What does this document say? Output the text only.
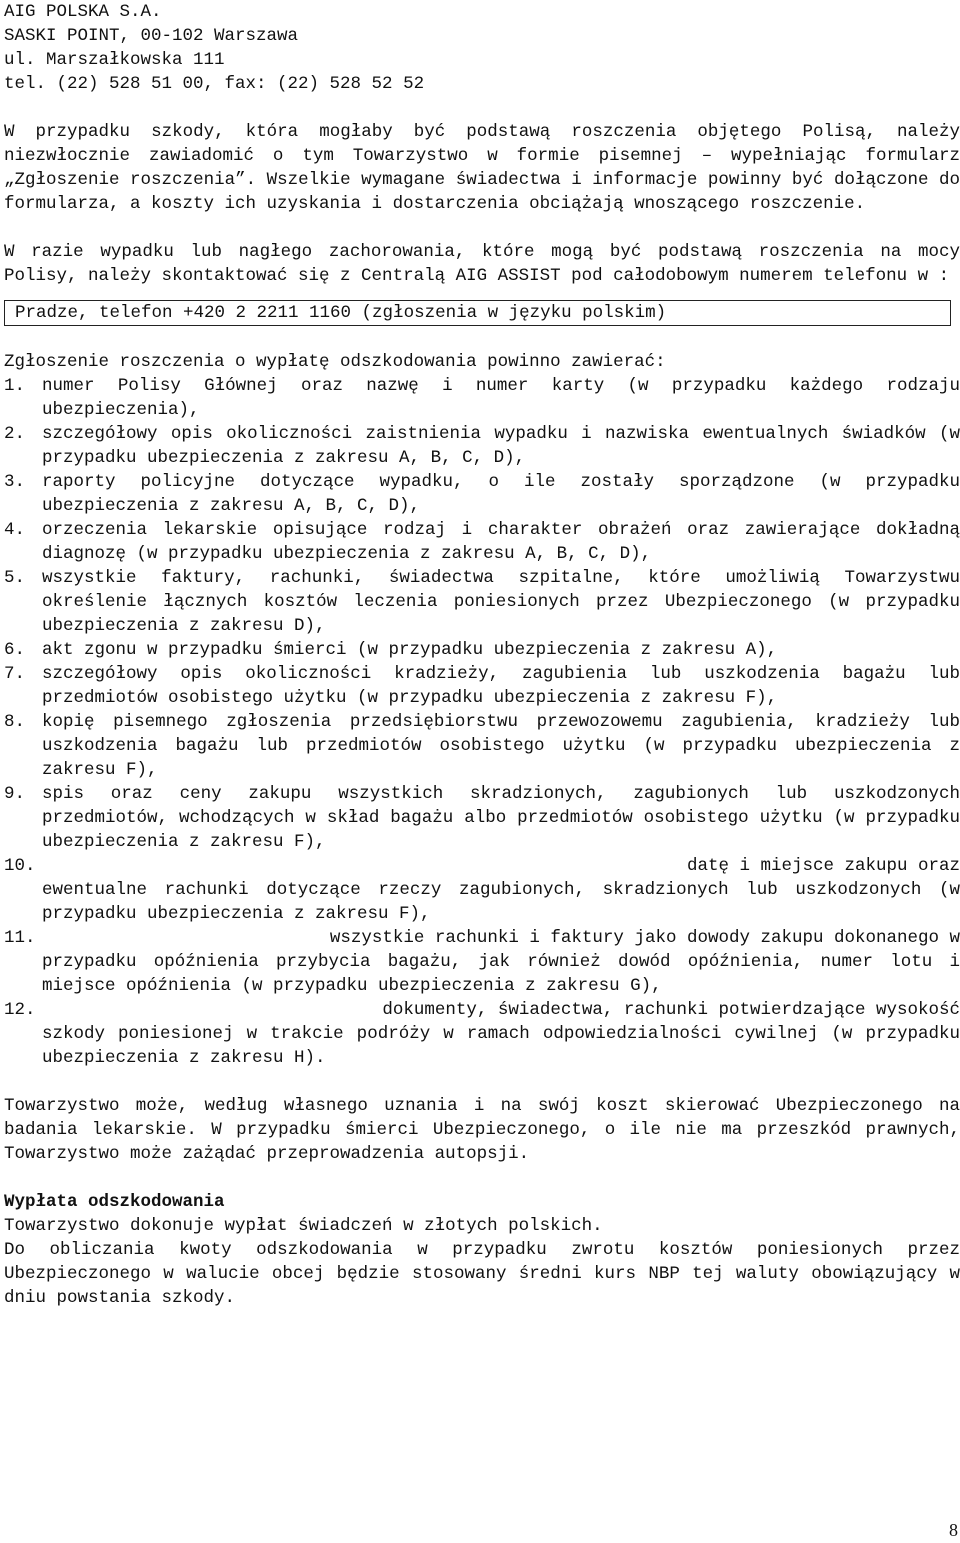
AIG POLSKA S.A.
SASKI POINT, 00-102 Warszawa
ul. Marszałkowska 111
tel. (22) 528 51 00, fax: (22) 528 52 52
W przypadku szkody, która mogłaby być podstawą roszczenia objętego Polisą, należy niezwłocznie zawiadomić o tym Towarzystwo w formie pisemnej – wypełniając formularz „Zgłoszenie roszczenia”. Wszelkie wymagane świadectwa i informacje powinny być dołączone do formularza, a koszty ich uzyskania i dostarczenia obciążają wnoszącego roszczenie.
W razie wypadku lub nagłego zachorowania, które mogą być podstawą roszczenia na mocy Polisy, należy skontaktować się z Centralą AIG ASSIST pod całodobowym numerem telefonu w :
Pradze, telefon +420 2 2211 1160 (zgłoszenia w języku polskim)
Zgłoszenie roszczenia o wypłatę odszkodowania powinno zawierać:
1. numer Polisy Głównej oraz nazwę i numer karty (w przypadku każdego rodzaju ubezpieczenia),
2. szczegółowy opis okoliczności zaistnienia wypadku i nazwiska ewentualnych świadków (w przypadku ubezpieczenia z zakresu A, B, C, D),
3. raporty policyjne dotyczące wypadku, o ile zostały sporządzone (w przypadku ubezpieczenia z zakresu A, B, C, D),
4. orzeczenia lekarskie opisujące rodzaj i charakter obrażeń oraz zawierające dokładną diagnozę (w przypadku ubezpieczenia z zakresu A, B, C, D),
5. wszystkie faktury, rachunki, świadectwa szpitalne, które umożliwią Towarzystwu określenie łącznych kosztów leczenia poniesionych przez Ubezpieczonego (w przypadku ubezpieczenia z zakresu D),
6. akt zgonu w przypadku śmierci (w przypadku ubezpieczenia z zakresu A),
7. szczegółowy opis okoliczności kradzieży, zagubienia lub uszkodzenia bagażu lub przedmiotów osobistego użytku (w przypadku ubezpieczenia z zakresu F),
8. kopię pisemnego zgłoszenia przedsiębiorstwu przewozowemu zagubienia, kradzieży lub uszkodzenia bagażu lub przedmiotów osobistego użytku (w przypadku ubezpieczenia z zakresu F),
9. spis oraz ceny zakupu wszystkich skradzionych, zagubionych lub uszkodzonych przedmiotów, wchodzących w skład bagażu albo przedmiotów osobistego użytku (w przypadku ubezpieczenia z zakresu F),
10.	datę i miejsce zakupu oraz
ewentualne rachunki dotyczące rzeczy zagubionych, skradzionych lub uszkodzonych (w przypadku ubezpieczenia z zakresu F),
11.	wszystkie rachunki i faktury jako dowody zakupu dokonanego w
przypadku opóźnienia przybycia bagażu, jak również dowód opóźnienia, numer lotu i miejsce opóźnienia (w przypadku ubezpieczenia z zakresu G),
12.	dokumenty, świadectwa, rachunki potwierdzające wysokość
szkody poniesionej w trakcie podróży w ramach odpowiedzialności cywilnej (w przypadku ubezpieczenia z zakresu H).
Towarzystwo może, według własnego uznania i na swój koszt skierować Ubezpieczonego na badania lekarskie. W przypadku śmierci Ubezpieczonego, o ile nie ma przeszkód prawnych, Towarzystwo może zażądać przeprowadzenia autopsji.
Wypłata odszkodowania
Towarzystwo dokonuje wypłat świadczeń w złotych polskich.
Do obliczania kwoty odszkodowania w przypadku zwrotu kosztów poniesionych przez Ubezpieczonego w walucie obcej będzie stosowany średni kurs NBP tej waluty obowiązujący w dniu powstania szkody.
8
